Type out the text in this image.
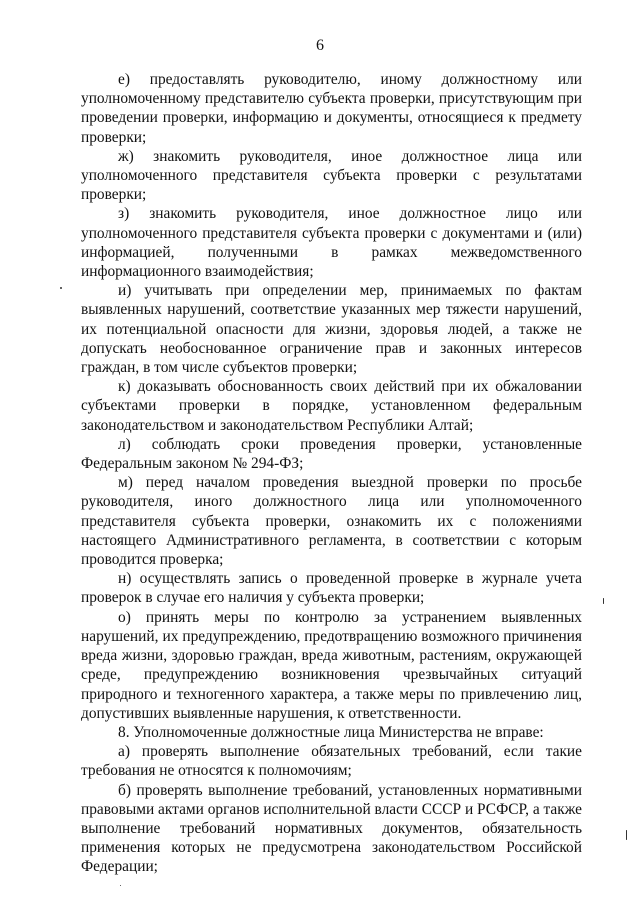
6

е) предоставлять руководителю, иному должностному или уполномоченному представителю субъекта проверки, присутствующим при проведении проверки, информацию и документы, относящиеся к предмету проверки;

ж) знакомить руководителя, иное должностное лица или уполномоченного представителя субъекта проверки с результатами проверки;

з) знакомить руководителя, иное должностное лицо или уполномоченного представителя субъекта проверки с документами и (или) информацией, полученными в рамках межведомственного информационного взаимодействия;

и) учитывать при определении мер, принимаемых по фактам выявленных нарушений, соответствие указанных мер тяжести нарушений, их потенциальной опасности для жизни, здоровья людей, а также не допускать необоснованное ограничение прав и законных интересов граждан, в том числе субъектов проверки;

к) доказывать обоснованность своих действий при их обжаловании субъектами проверки в порядке, установленном федеральным законодательством и законодательством Республики Алтай;

л) соблюдать сроки проведения проверки, установленные Федеральным законом № 294-ФЗ;

м) перед началом проведения выездной проверки по просьбе руководителя, иного должностного лица или уполномоченного представителя субъекта проверки, ознакомить их с положениями настоящего Административного регламента, в соответствии с которым проводится проверка;

н) осуществлять запись о проведенной проверке в журнале учета проверок в случае его наличия у субъекта проверки;

о) принять меры по контролю за устранением выявленных нарушений, их предупреждению, предотвращению возможного причинения вреда жизни, здоровью граждан, вреда животным, растениям, окружающей среде, предупреждению возникновения чрезвычайных ситуаций природного и техногенного характера, а также меры по привлечению лиц, допустивших выявленные нарушения, к ответственности.

8. Уполномоченные должностные лица Министерства не вправе:

а) проверять выполнение обязательных требований, если такие требования не относятся к полномочиям;

б) проверять выполнение требований, установленных нормативными правовыми актами органов исполнительной власти СССР и РСФСР, а также выполнение требований нормативных документов, обязательность применения которых не предусмотрена законодательством Российской Федерации;
